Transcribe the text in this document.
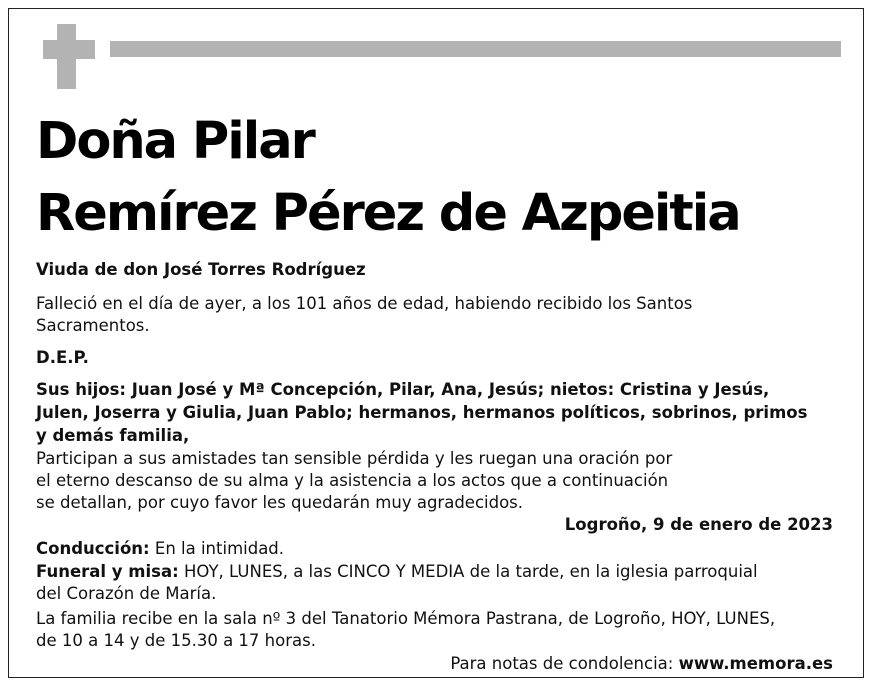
Doña Pilar
Remírez Pérez de Azpeitia
Viuda de don José Torres Rodríguez
Falleció en el día de ayer, a los 101 años de edad, habiendo recibido los Santos
Sacramentos.
D.E.P.
Sus hijos: Juan José y Mª Concepción, Pilar, Ana, Jesús; nietos: Cristina y Jesús,
Julen, Joserra y Giulia, Juan Pablo; hermanos, hermanos políticos, sobrinos, primos
y demás familia,
Participan a sus amistades tan sensible pérdida y les ruegan una oración por
el eterno descanso de su alma y la asistencia a los actos que a continuación
se detallan, por cuyo favor les quedarán muy agradecidos.
Logroño, 9 de enero de 2023
Conducción: En la intimidad.
Funeral y misa: HOY, LUNES, a las CINCO Y MEDIA de la tarde, en la iglesia parroquial
del Corazón de María.
La familia recibe en la sala nº 3 del Tanatorio Mémora Pastrana, de Logroño, HOY, LUNES,
de 10 a 14 y de 15.30 a 17 horas.
Para notas de condolencia: www.memora.es
